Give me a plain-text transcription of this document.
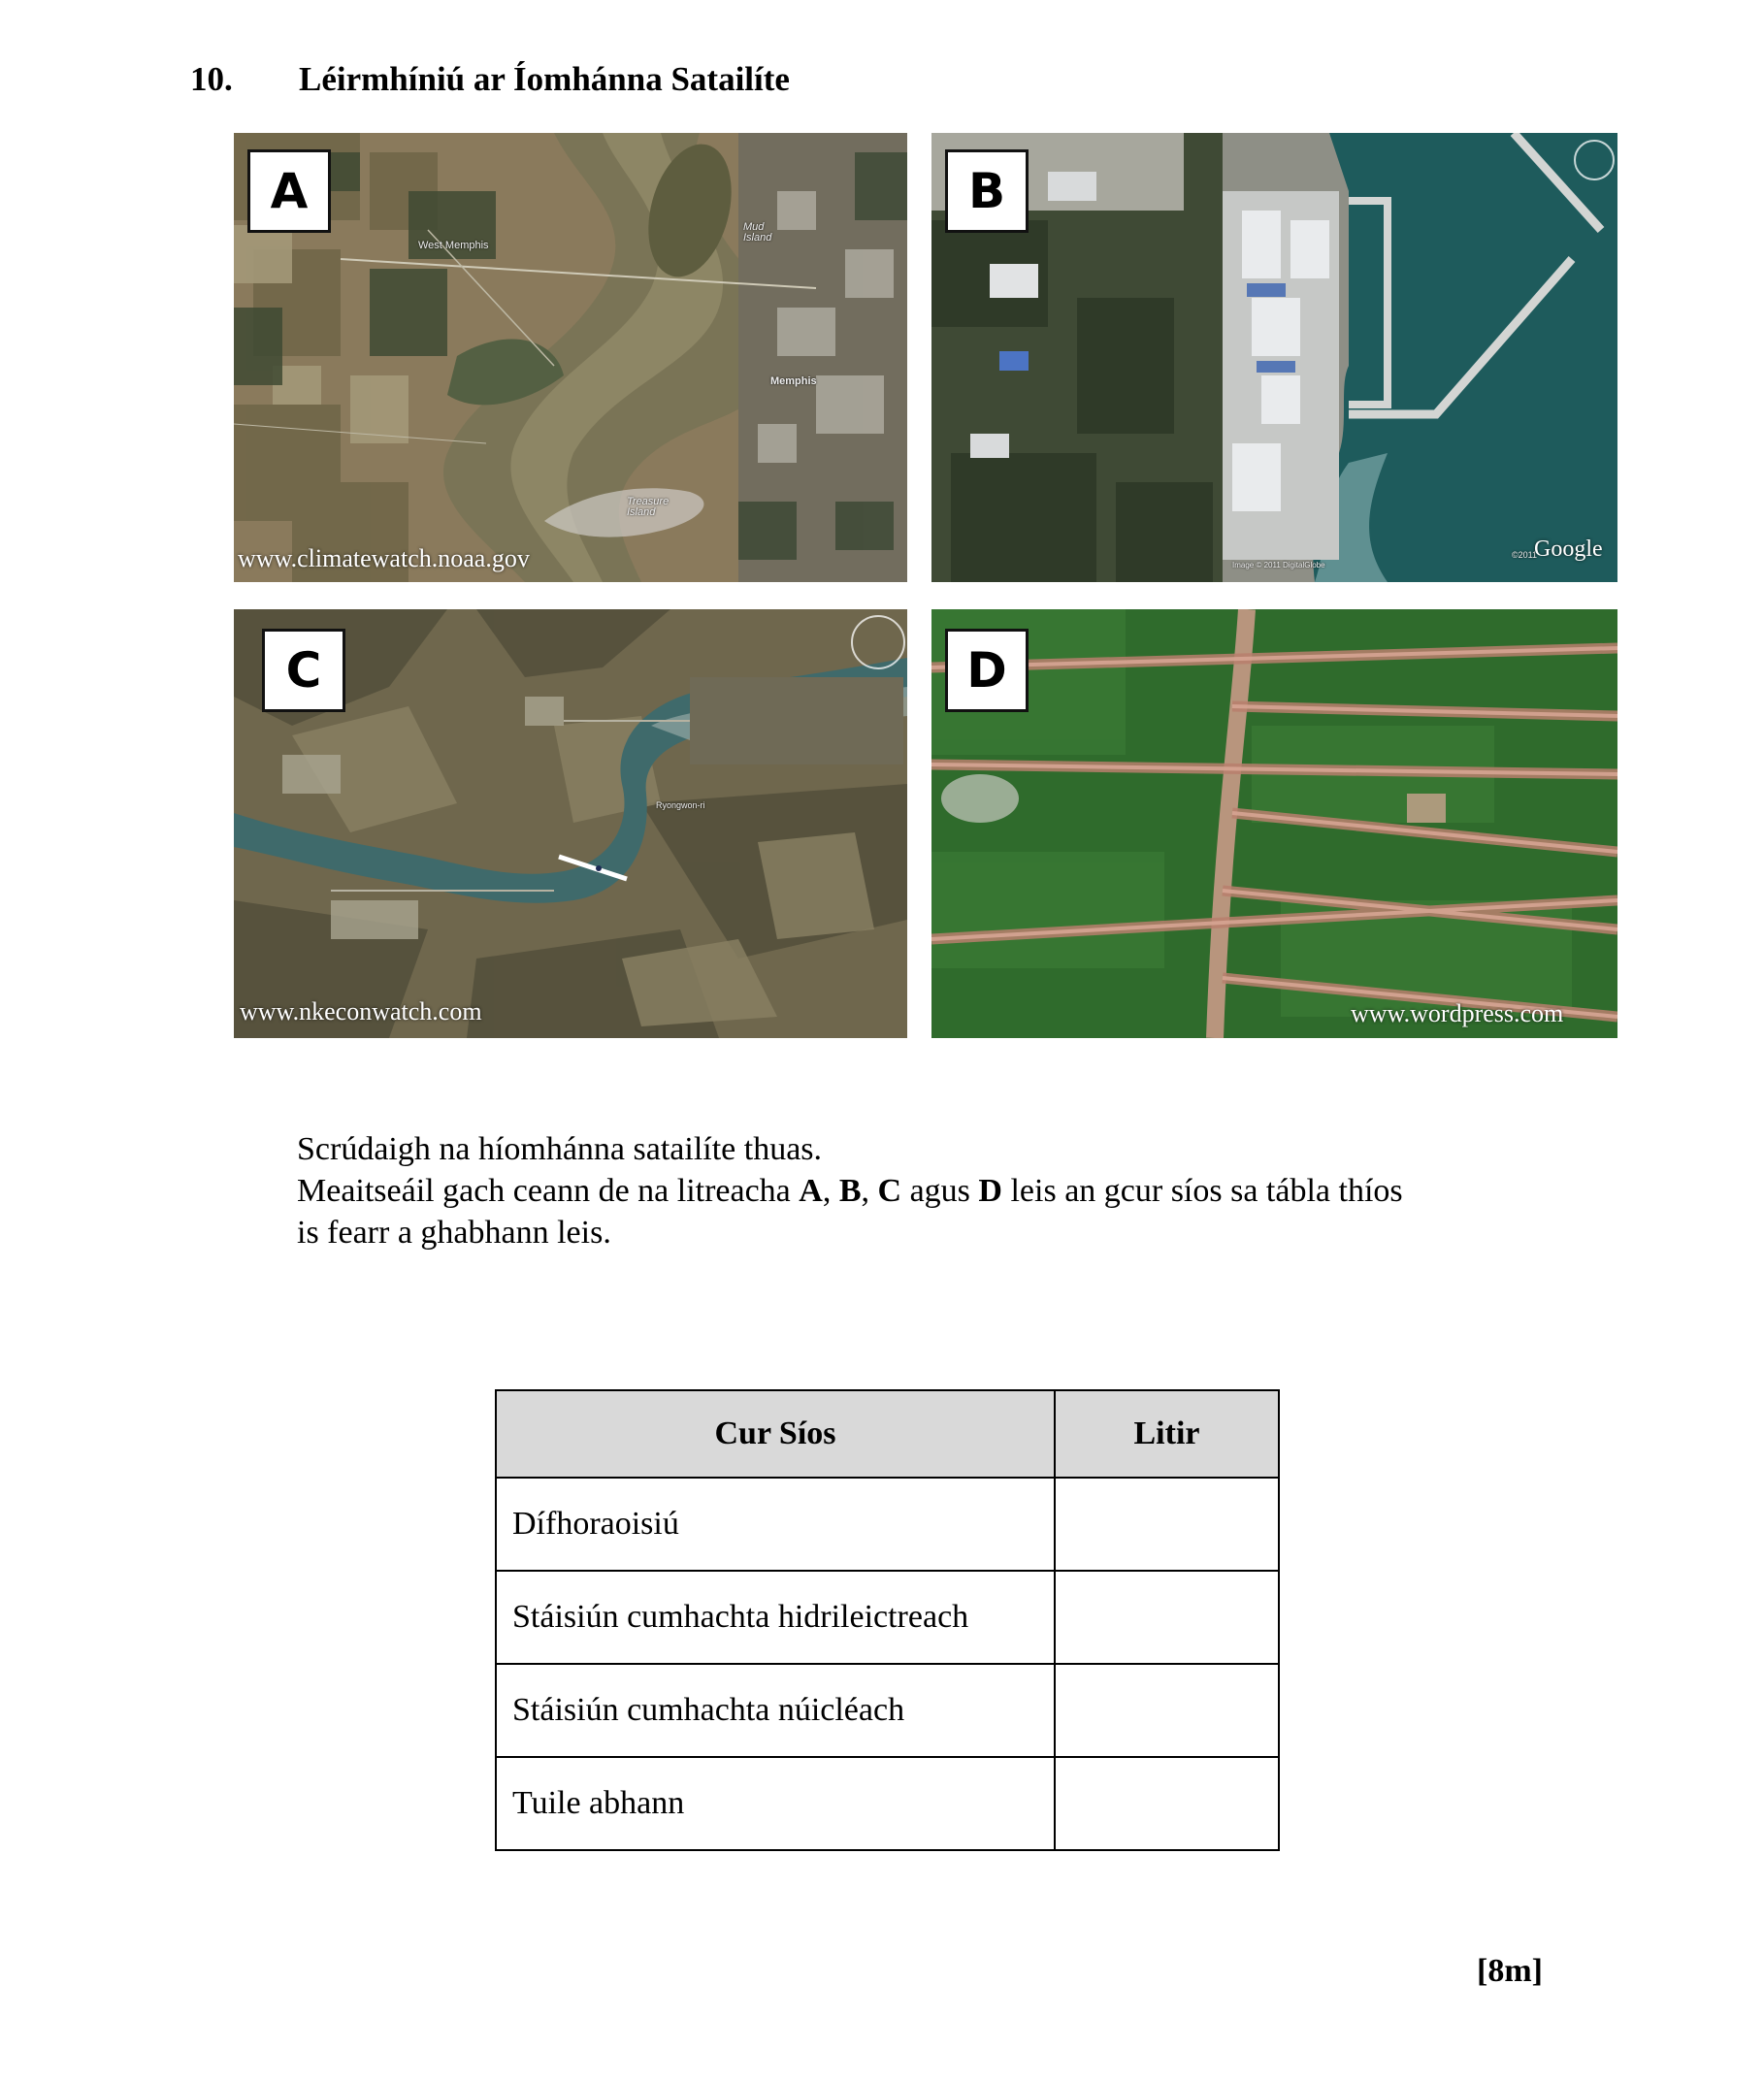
10. Léirmhíniú ar Íomhánna Satailíte
A
West Memphis
Mud Island
Memphis
Treasure Island
www.climatewatch.noaa.gov
B
Image © 2011 DigitalGlobe
©2011
Google
C
Ryongwon-ri
www.nkeconwatch.com
D
www.wordpress.com

Scrúdaigh na híomhánna satailíte thuas.

Meaitseáil gach ceann de na litreacha A, B, C agus D leis an gcur síos sa tábla thíos

is fearr a ghabhann leis.

Cur Síos	Litir
Dífhoraoisiú	
Stáisiún cumhachta hidrileictreach	
Stáisiún cumhachta núicléach	
Tuile abhann	
[8m]
